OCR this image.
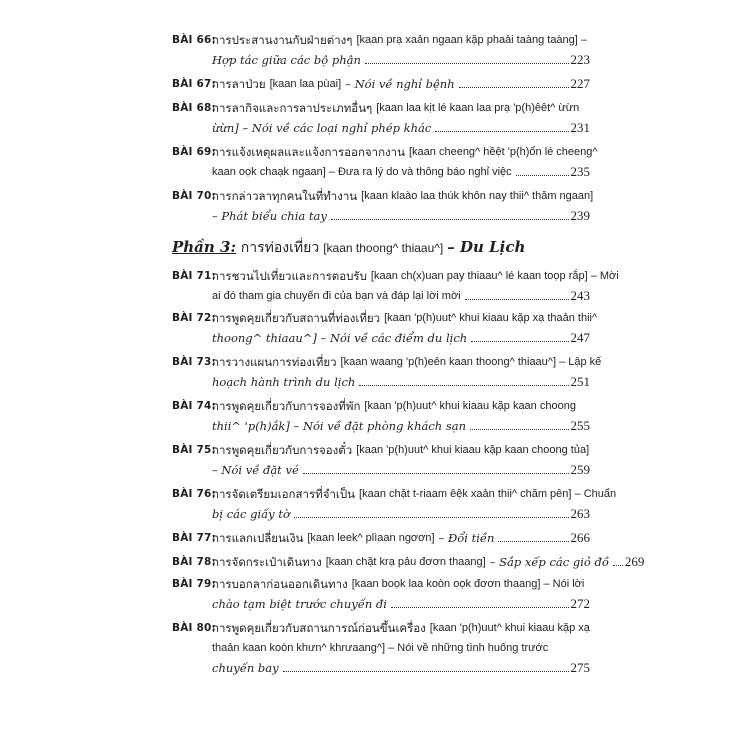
BÀI 66:
การประสานงานกับฝ่ายต่างๆ [kaan prạ xaản ngaan kặp phaải taàng taàng] –
Hợp tác giữa các bộ phận	223
BÀI 67:
การลาป่วย [kaan laa pùai] – Nói về nghỉ bệnh	227
BÀI 68:
การลากิจและการลาประเภทอื่นๆ [kaan laa kịt lé kaan laa prạ 'p(h)êêt^ ừừn
ừừn] – Nói về các loại nghỉ phép khác	231
BÀI 69:
การแจ้งเหตุผลและแจ้งการออกจากงาน [kaan cheeng^ hềệt 'p(h)ổn lé cheeng^
kaan oọk chaạk ngaan] – Đưa ra lý do và thông báo nghỉ việc	235
BÀI 70:
การกล่าวลาทุกคนในที่ทำงาน [kaan klaào laa thúk khôn nay thii^ thăm ngaan]
– Phát biểu chia tay	239
Phần 3: การท่องเที่ยว [kaan thoong^ thiaau^] – Du Lịch
BÀI 71:
การชวนไปเที่ยวและการตอบรับ [kaan ch(x)uan pay thiaau^ lé kaan toọp rắp] – Mời
ai đó tham gia chuyến đi của bạn và đáp lại lời mời	243
BÀI 72:
การพูดคุยเกี่ยวกับสถานที่ท่องเที่ยว [kaan 'p(h)uut^ khui kiaau kặp xạ thaản thii^
thoong^ thiaau^] – Nói về các điểm du lịch	247
BÀI 73:
การวางแผนการท่องเที่ยว [kaan waang 'p(h)eẻn kaan thoong^ thiaau^] – Lập kế
hoạch hành trình du lịch	251
BÀI 74:
การพูดคุยเกี่ยวกับการจองที่พัก [kaan 'p(h)uut^ khui kiaau kặp kaan choong
thii^ 'p(h)ắk] – Nói về đặt phòng khách sạn	255
BÀI 75:
การพูดคุยเกี่ยวกับการจองตั๋ว [kaan 'p(h)uut^ khui kiaau kặp kaan choong tủa]
– Nói về đặt vé	259
BÀI 76:
การจัดเตรียมเอกสารที่จำเป็น [kaan chặt t-riaam êệk xaản thii^ chăm pên] – Chuẩn
bị các giấy tờ	263
BÀI 77:
การแลกเปลี่ยนเงิน [kaan leek^ plìaan ngơơn] – Đổi tiền	266
BÀI 78:
การจัดกระเป๋าเดินทาง [kaan chặt krạ pảu đơơn thaang] – Sắp xếp các giỏ đồ 269
BÀI 79:
การบอกลาก่อนออกเดินทาง [kaan boọk laa koòn oọk đơơn thaang] – Nói lời
chào tạm biệt trước chuyến đi	272
BÀI 80:
การพูดคุยเกี่ยวกับสถานการณ์ก่อนขึ้นเครื่อง [kaan 'p(h)uut^ khui kiaau kặp xạ
thaản kaan koòn khưn^ khrưaang^] – Nói về những tình huống trước
chuyến bay	275
